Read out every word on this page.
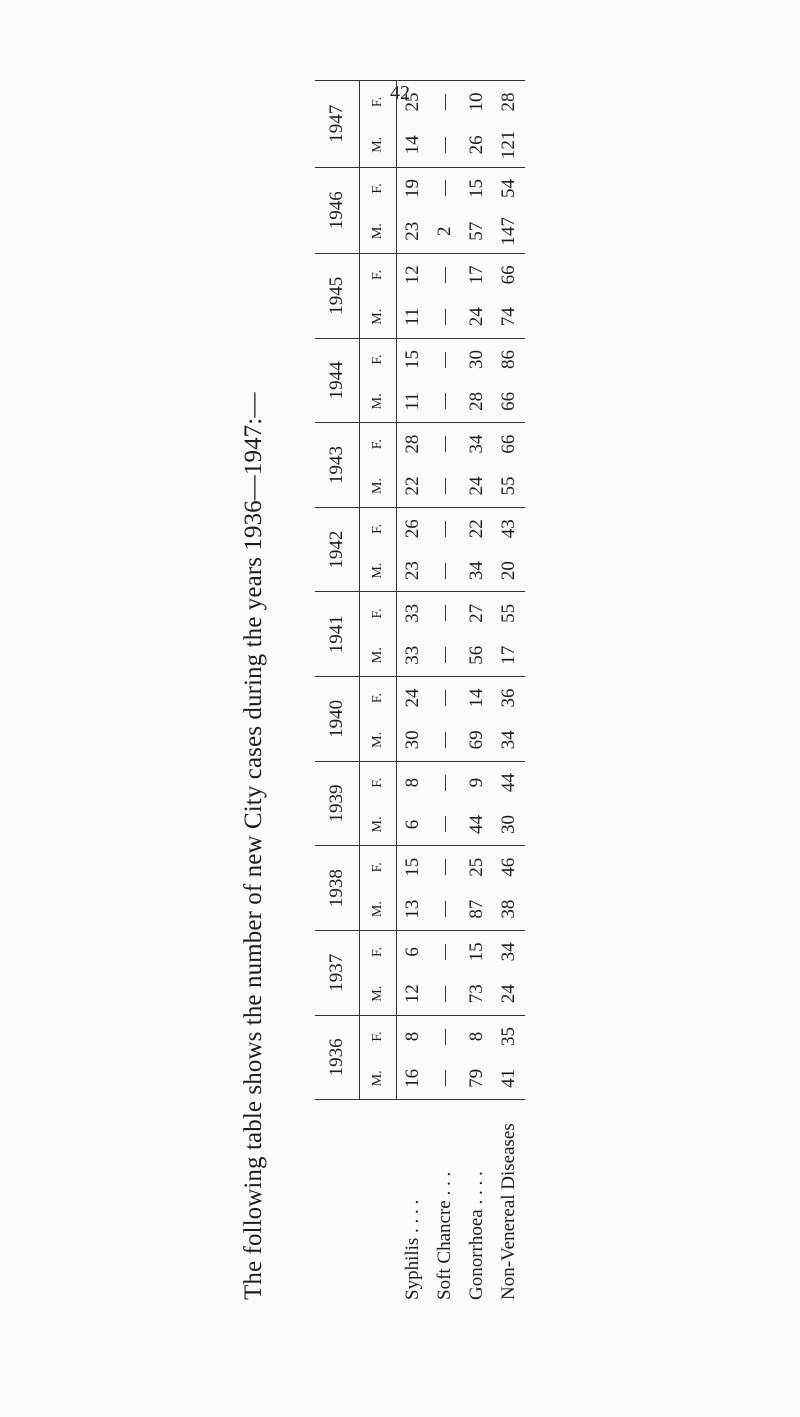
42
The following table shows the number of new City cases during the years 1936—1947:—
		1936		1937		1938		1939		1940		1941		1942		1943		1944		1945		1946		1947	
	M.	F.	M.	F.	M.	F.	M.	F.	M.	F.	M.	F.	M.	F.	M.	F.	M.	F.	M.	F.	M.	F.	M.	F.
Syphilis . . . .	16	8	12	6	13	15	6	8	30	24	33	33	23	26	22	28	11	15	11	12	23	19	14	25
Soft Chancre . . .																					2			
Gonorrhoea . . . .	79	8	73	15	87	25	44	9	69	14	56	27	34	22	24	34	28	30	24	17	57	15	26	10
Non-Venereal Diseases	41	35	24	34	38	46	30	44	34	36	17	55	20	43	55	66	66	86	74	66	147	54	121	28
